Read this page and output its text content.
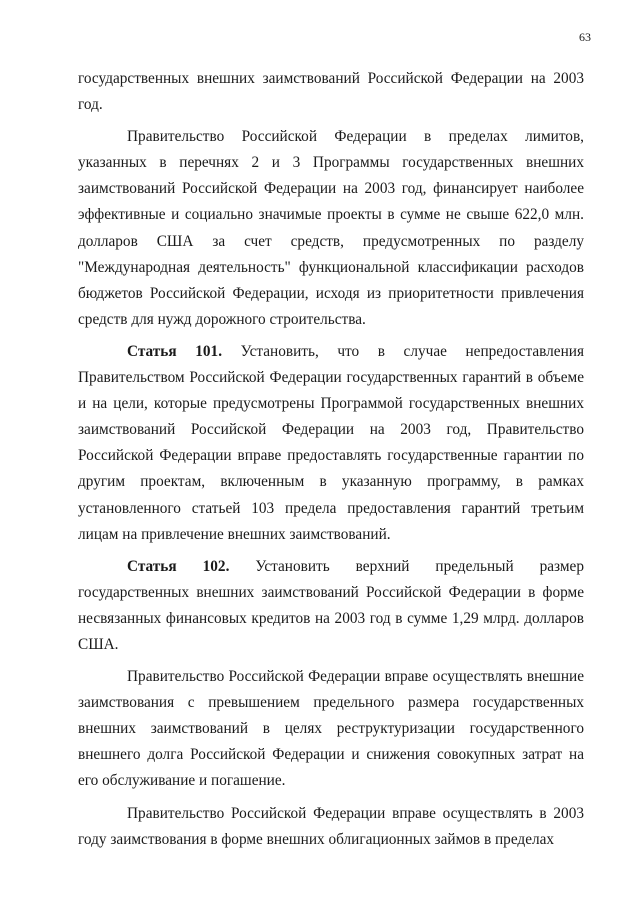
63

государственных внешних заимствований Российской Федерации на 2003 год.

Правительство Российской Федерации в пределах лимитов, указанных в перечнях 2 и 3 Программы государственных внешних заимствований Российской Федерации на 2003 год, финансирует наиболее эффективные и социально значимые проекты в сумме не свыше 622,0 млн. долларов США за счет средств, предусмотренных по разделу "Международная деятельность" функциональной классификации расходов бюджетов Российской Федерации, исходя из приоритетности привлечения средств для нужд дорожного строительства.

Статья 101. Установить, что в случае непредоставления Правительством Российской Федерации государственных гарантий в объеме и на цели, которые предусмотрены Программой государственных внешних заимствований Российской Федерации на 2003 год, Правительство Российской Федерации вправе предоставлять государственные гарантии по другим проектам, включенным в указанную программу, в рамках установленного статьей 103 предела предоставления гарантий третьим лицам на привлечение внешних заимствований.

Статья 102. Установить верхний предельный размер государственных внешних заимствований Российской Федерации в форме несвязанных финансовых кредитов на 2003 год в сумме 1,29 млрд. долларов США.

Правительство Российской Федерации вправе осуществлять внешние заимствования с превышением предельного размера государственных внешних заимствований в целях реструктуризации государственного внешнего долга Российской Федерации и снижения совокупных затрат на его обслуживание и погашение.

Правительство Российской Федерации вправе осуществлять в 2003 году заимствования в форме внешних облигационных займов в пределах
